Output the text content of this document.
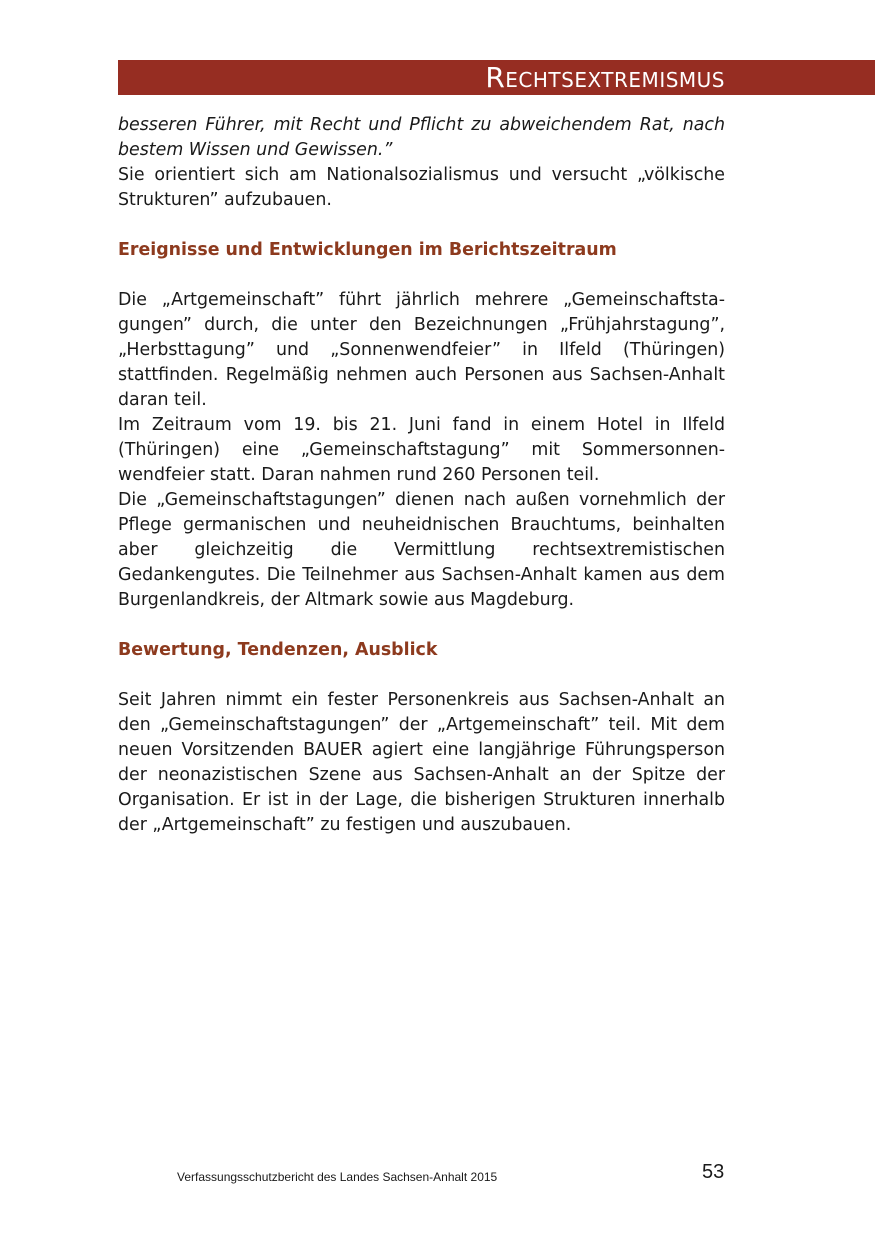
Rechtsextremismus

besseren Führer, mit Recht und Pflicht zu abweichendem Rat, nach bestem Wissen und Gewissen.”

Sie orientiert sich am Nationalsozialismus und versucht „völkische Strukturen” aufzubauen.

Ereignisse und Entwicklungen im Berichtszeitraum

Die „Artgemeinschaft” führt jährlich mehrere „Gemeinschaftstagungen” durch, die unter den Bezeichnungen „Frühjahrstagung”, „Herbsttagung” und „Sonnenwendfeier” in Ilfeld (Thüringen) stattfinden. Regelmäßig nehmen auch Personen aus Sachsen-Anhalt daran teil.

Im Zeitraum vom 19. bis 21. Juni fand in einem Hotel in Ilfeld (Thüringen) eine „Gemeinschaftstagung” mit Sommersonnenwendfeier statt. Daran nahmen rund 260 Personen teil.

Die „Gemeinschaftstagungen” dienen nach außen vornehmlich der Pflege germanischen und neuheidnischen Brauchtums, beinhalten aber gleichzeitig die Vermittlung rechtsextremistischen Gedankengutes. Die Teilnehmer aus Sachsen-Anhalt kamen aus dem Burgenlandkreis, der Altmark sowie aus Magdeburg.

Bewertung, Tendenzen, Ausblick

Seit Jahren nimmt ein fester Personenkreis aus Sachsen-Anhalt an den „Gemeinschaftstagungen” der „Artgemeinschaft” teil. Mit dem neuen Vorsitzenden BAUER agiert eine langjährige Führungsperson der neonazistischen Szene aus Sachsen-Anhalt an der Spitze der Organisation. Er ist in der Lage, die bisherigen Strukturen innerhalb der „Artgemeinschaft” zu festigen und auszubauen.

Verfassungsschutzbericht des Landes Sachsen-Anhalt 2015	53
